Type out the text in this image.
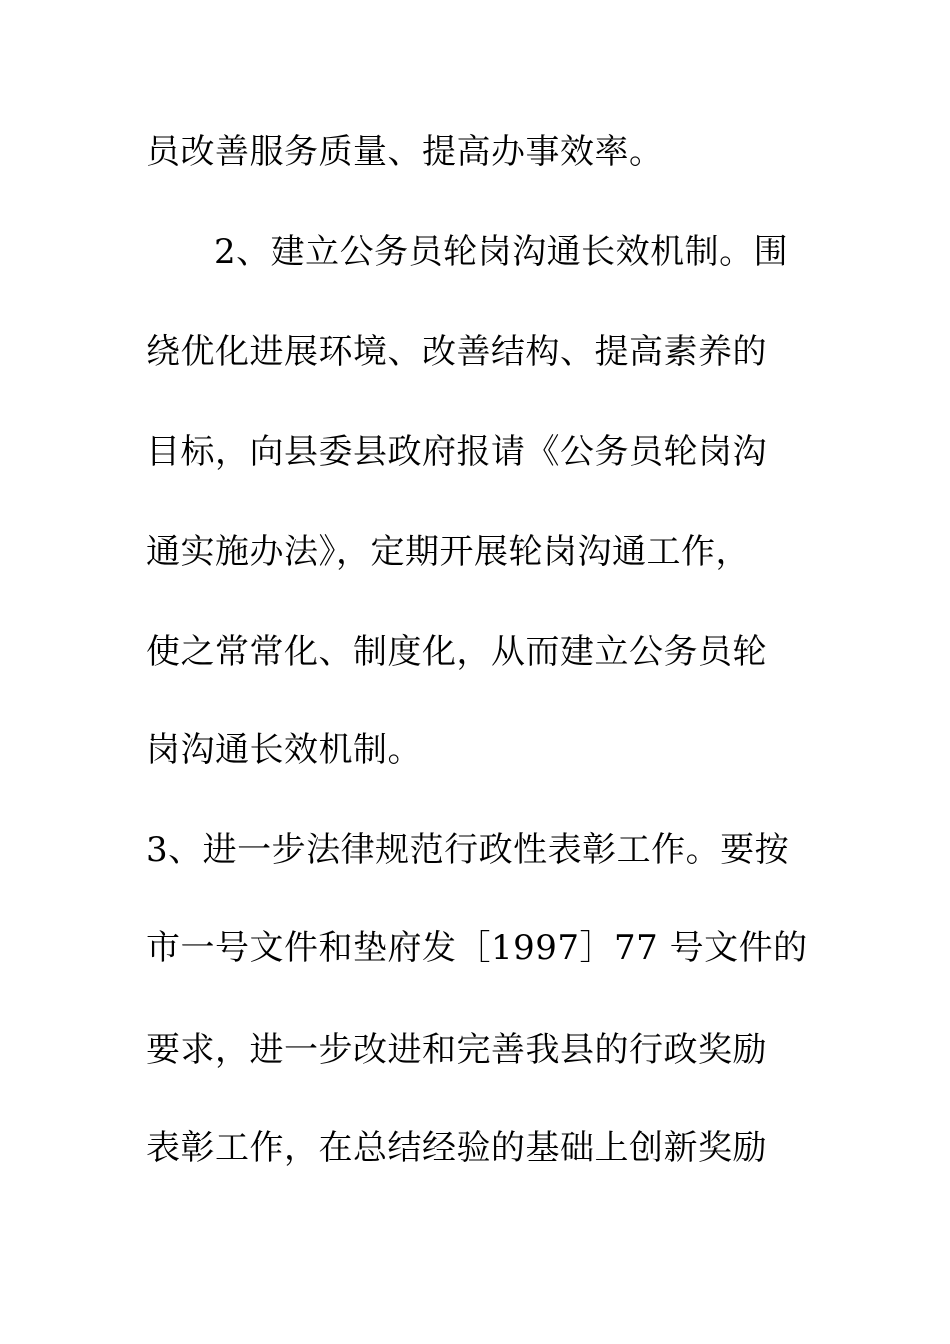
员改善服务质量、提高办事效率。
2、建立公务员轮岗沟通长效机制。围
绕优化进展环境、改善结构、提高素养的
目标，向县委县政府报请《公务员轮岗沟
通实施办法》，定期开展轮岗沟通工作，
使之常常化、制度化，从而建立公务员轮
岗沟通长效机制。
3、进一步法律规范行政性表彰工作。要按
市一号文件和垫府发［1997］77 号文件的
要求，进一步改进和完善我县的行政奖励
表彰工作，在总结经验的基础上创新奖励
